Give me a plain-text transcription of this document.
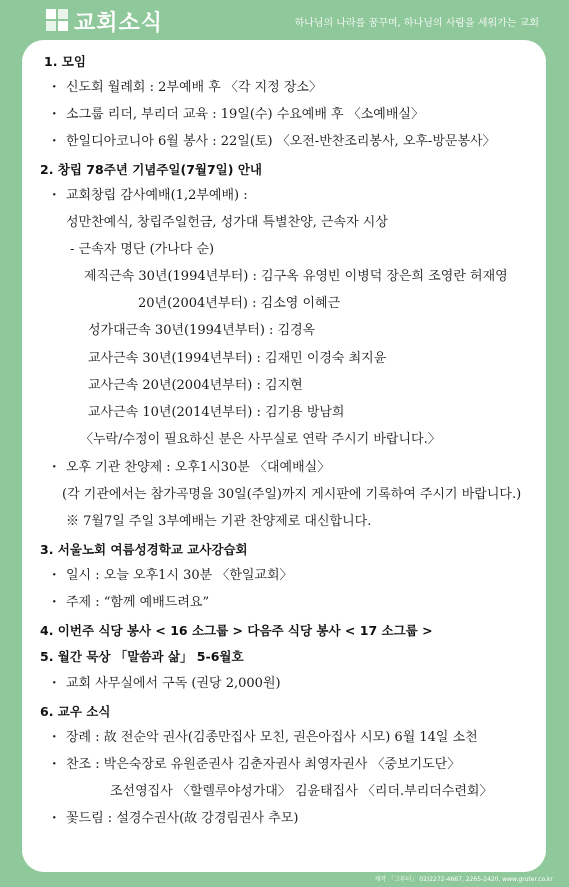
교회소식	하나님의 나라를 꿈꾸며, 하나님의 사람을 세워가는 교회
1. 모임
· 신도회 월례회 : 2부예배 후 〈각 지정 장소〉
· 소그룹 리더, 부리더 교육 : 19일(수) 수요예배 후 〈소예배실〉
· 한일디아코니아 6월 봉사 : 22일(토) 〈오전-반찬조리봉사, 오후-방문봉사〉
2. 창립 78주년 기념주일(7월7일) 안내
· 교회창립 감사예배(1,2부예배) :
성만찬예식, 창립주일헌금, 성가대 특별찬양, 근속자 시상
- 근속자 명단 (가나다 순)
제직근속 30년(1994년부터) : 김구옥 유영빈 이병덕 장은희 조영란 허재영
20년(2004년부터) : 김소영 이혜근
성가대근속 30년(1994년부터) : 김경옥
교사근속 30년(1994년부터) : 김재민 이경숙 최지윤
교사근속 20년(2004년부터) : 김지현
교사근속 10년(2014년부터) : 김기용 방남희
〈누락/수정이 필요하신 분은 사무실로 연락 주시기 바랍니다.〉
· 오후 기관 찬양제 : 오후1시30분 〈대예배실〉
(각 기관에서는 참가곡명을 30일(주일)까지 게시판에 기록하여 주시기 바랍니다.)
※ 7월7일 주일 3부예배는 기관 찬양제로 대신합니다.
3. 서울노회 여름성경학교 교사강습회
· 일시 : 오늘 오후1시 30분 〈한일교회〉
· 주제 : “함께 예배드려요”
4. 이번주 식당 봉사 < 16 소그룹 > 다음주 식당 봉사 < 17 소그룹 >
5. 월간 묵상 「말씀과 삶」 5-6월호
· 교회 사무실에서 구독 (권당 2,000원)
6. 교우 소식
· 장례 : 故 전순악 권사(김종만집사 모친, 권은아집사 시모) 6월 14일 소천
· 찬조 : 박은숙장로 유원준권사 김춘자권사 최영자권사 〈중보기도단〉
조선영집사 〈할렐루야성가대〉 김윤태집사 〈리더.부리더수련회〉
· 꽃드림 : 설경수권사(故 강경림권사 추모)
제작 「그루터」 02)2272-4667, 2265-2420, www.gruter.co.kr
